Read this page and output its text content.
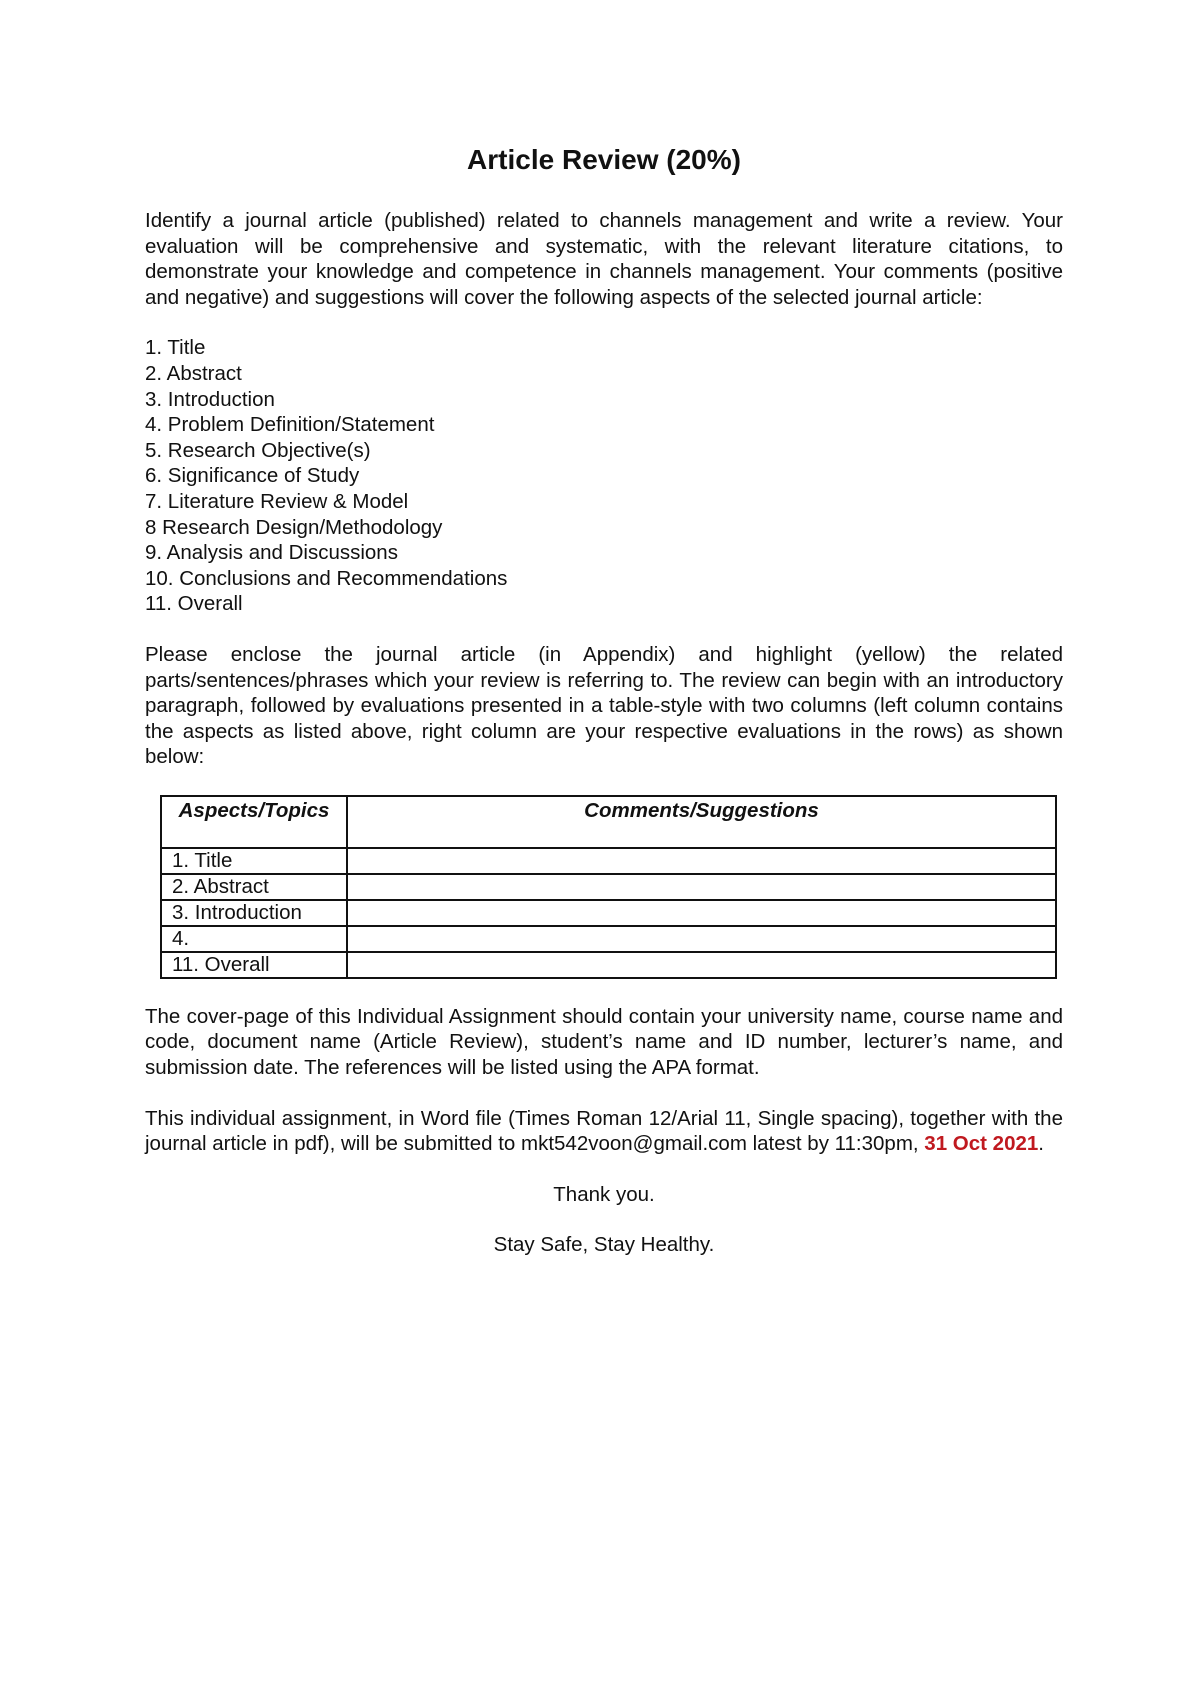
Article Review (20%)

Identify a journal article (published) related to channels management and write a review. Your evaluation will be comprehensive and systematic, with the relevant literature citations, to demonstrate your knowledge and competence in channels management. Your comments (positive and negative) and suggestions will cover the following aspects of the selected journal article:

1. Title
2. Abstract
3. Introduction
4. Problem Definition/Statement
5. Research Objective(s)
6. Significance of Study
7. Literature Review & Model
8 Research Design/Methodology
9. Analysis and Discussions
10. Conclusions and Recommendations
11. Overall

Please enclose the journal article (in Appendix) and highlight (yellow) the related parts/sentences/phrases which your review is referring to. The review can begin with an introductory paragraph, followed by evaluations presented in a table-style with two columns (left column contains the aspects as listed above, right column are your respective evaluations in the rows) as shown below:

Aspects/Topics	Comments/Suggestions
1. Title	
2. Abstract	
3. Introduction	
4.	
11. Overall	

The cover-page of this Individual Assignment should contain your university name, course name and code, document name (Article Review), student’s name and ID number, lecturer’s name, and submission date. The references will be listed using the APA format.

This individual assignment, in Word file (Times Roman 12/Arial 11, Single spacing), together with the journal article in pdf), will be submitted to mkt542voon@gmail.com latest by 11:30pm, 31 Oct 2021.

Thank you.

Stay Safe, Stay Healthy.
